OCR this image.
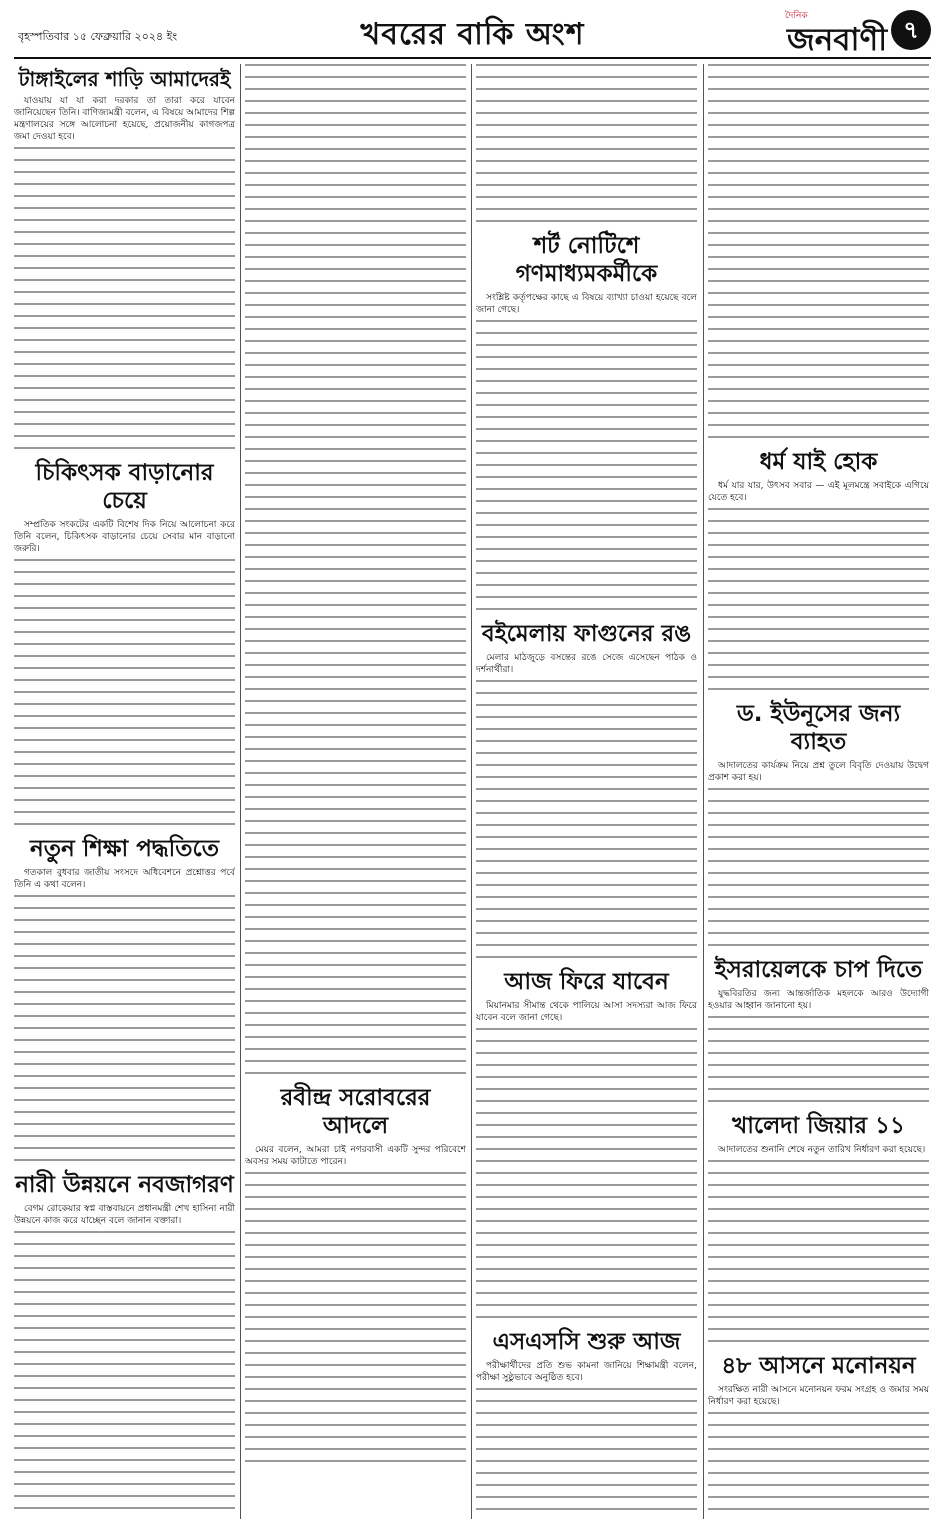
বৃহস্পতিবার ১৫ ফেব্রুয়ারি ২০২৪ ইং	খবরের বাকি অংশ
দৈনিক
জনবাণী ৭
টাঙ্গাইলের শাড়ি আমাদেরই

যাওয়ায় যা যা করা দরকার তা তারা করে যাবেন জানিয়েছেন তিনি। বাণিজ্যমন্ত্রী বলেন, এ বিষয়ে আমাদের শিল্প মন্ত্রণালয়ের সঙ্গে আলোচনা হয়েছে, প্রয়োজনীয় কাগজপত্র জমা দেওয়া হবে।

চিকিৎসক বাড়ানোর চেয়ে

সম্প্রতিক সংকটের একটি বিশেষ দিক নিয়ে আলোচনা করে তিনি বলেন, চিকিৎসক বাড়ানোর চেয়ে সেবার মান বাড়ানো জরুরি।

নতুন শিক্ষা পদ্ধতিতে

গতকাল বুধবার জাতীয় সংসদে অধিবেশনে প্রশ্নোত্তর পর্বে তিনি এ কথা বলেন।

নারী উন্নয়নে নবজাগরণ

বেগম রোকেয়ার স্বপ্ন বাস্তবায়নে প্রধানমন্ত্রী শেখ হাসিনা নারী উন্নয়নে কাজ করে যাচ্ছেন বলে জানান বক্তারা।

রবীন্দ্র সরোবরের আদলে

মেয়র বলেন, আমরা চাই নগরবাসী একটি সুন্দর পরিবেশে অবসর সময় কাটাতে পারেন।

শর্ট নোটিশে গণমাধ্যমকর্মীকে

সংশ্লিষ্ট কর্তৃপক্ষের কাছে এ বিষয়ে ব্যাখ্যা চাওয়া হয়েছে বলে জানা গেছে।

বইমেলায় ফাগুনের রঙ

মেলার মাঠজুড়ে বসন্তের রঙে সেজে এসেছেন পাঠক ও দর্শনার্থীরা।

আজ ফিরে যাবেন

মিয়ানমার সীমান্ত থেকে পালিয়ে আসা সদস্যরা আজ ফিরে যাবেন বলে জানা গেছে।

এসএসসি শুরু আজ

পরীক্ষার্থীদের প্রতি শুভ কামনা জানিয়ে শিক্ষামন্ত্রী বলেন, পরীক্ষা সুষ্ঠুভাবে অনুষ্ঠিত হবে।

ধর্ম যাই হোক

ধর্ম যার যার, উৎসব সবার — এই মূলমন্ত্রে সবাইকে এগিয়ে যেতে হবে।

ড. ইউনূসের জন্য ব্যাহত

আদালতের কার্যক্রম নিয়ে প্রশ্ন তুলে বিবৃতি দেওয়ায় উদ্বেগ প্রকাশ করা হয়।

ইসরায়েলকে চাপ দিতে

যুদ্ধবিরতির জন্য আন্তর্জাতিক মহলকে আরও উদ্যোগী হওয়ার আহ্বান জানানো হয়।

খালেদা জিয়ার ১১

আদালতের শুনানি শেষে নতুন তারিখ নির্ধারণ করা হয়েছে।

৪৮ আসনে মনোনয়ন

সংরক্ষিত নারী আসনে মনোনয়ন ফরম সংগ্রহ ও জমার সময় নির্ধারণ করা হয়েছে।
